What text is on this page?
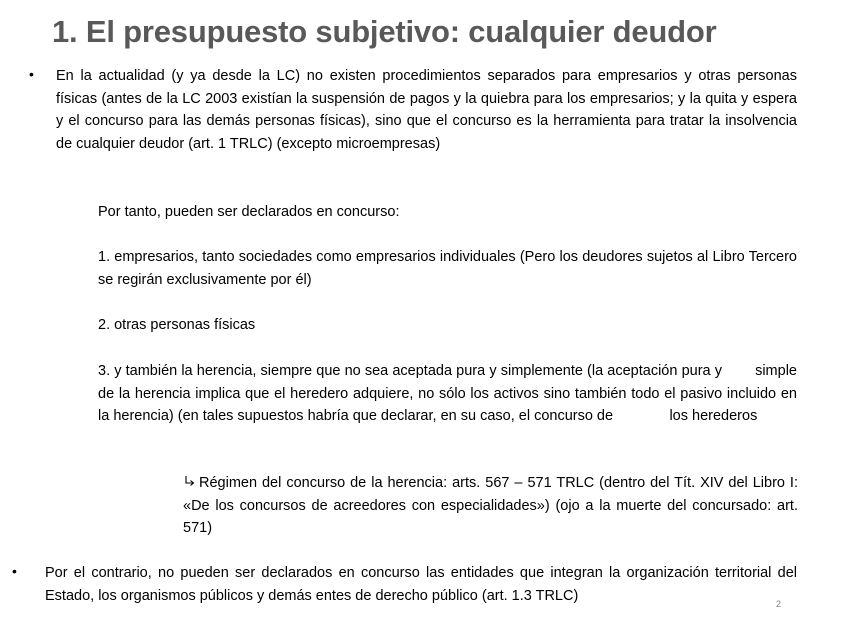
1. El presupuesto subjetivo: cualquier deudor
• En la actualidad (y ya desde la LC) no existen procedimientos separados para empresarios y otras personas físicas (antes de la LC 2003 existían la suspensión de pagos y la quiebra para los empresarios; y la quita y espera y el concurso para las demás personas físicas), sino que el concurso es la herramienta para tratar la insolvencia de cualquier deudor (art. 1 TRLC) (excepto microempresas)

Por tanto, pueden ser declarados en concurso:

1. empresarios, tanto sociedades como empresarios individuales (Pero los deudores sujetos al Libro Tercero se regirán exclusivamente por él)

2. otras personas físicas

3. y también la herencia, siempre que no sea aceptada pura y simplemente (la aceptación pura y        simple de la herencia implica que el heredero adquiere, no sólo los activos sino también todo el pasivo incluido en la herencia) (en tales supuestos habría que declarar, en su caso, el concurso de              los herederos

Régimen del concurso de la herencia: arts. 567 – 571 TRLC (dentro del Tít. XIV del Libro I: «De los concursos de acreedores con especialidades») (ojo a la muerte del concursado: art. 571)

• Por el contrario, no pueden ser declarados en concurso las entidades que integran la organización territorial del Estado, los organismos públicos y demás entes de derecho público (art. 1.3 TRLC)

2
